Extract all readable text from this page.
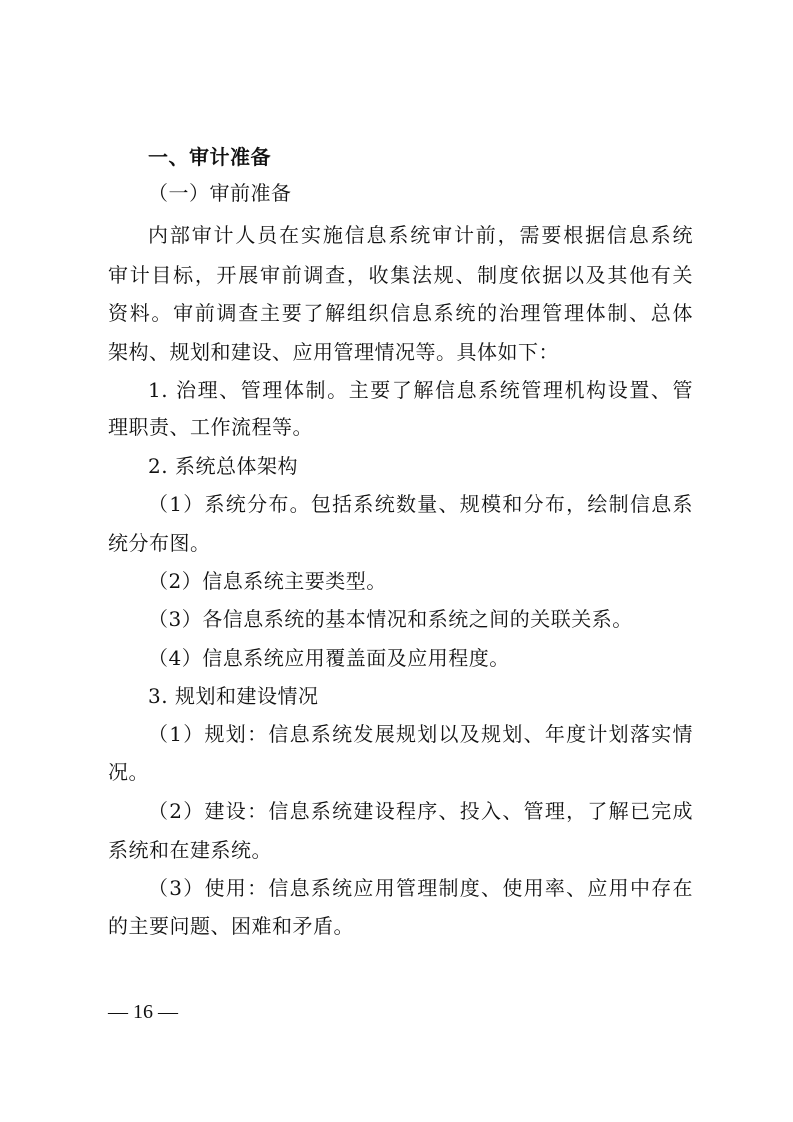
一、审计准备
（一）审前准备
内部审计人员在实施信息系统审计前，需要根据信息系统
审计目标，开展审前调查，收集法规、制度依据以及其他有关
资料。审前调查主要了解组织信息系统的治理管理体制、总体
架构、规划和建设、应用管理情况等。具体如下：
1. 治理、管理体制。主要了解信息系统管理机构设置、管
理职责、工作流程等。
2. 系统总体架构
（1）系统分布。包括系统数量、规模和分布，绘制信息系
统分布图。
（2）信息系统主要类型。
（3）各信息系统的基本情况和系统之间的关联关系。
（4）信息系统应用覆盖面及应用程度。
3. 规划和建设情况
（1）规划：信息系统发展规划以及规划、年度计划落实情
况。
（2）建设：信息系统建设程序、投入、管理，了解已完成
系统和在建系统。
（3）使用：信息系统应用管理制度、使用率、应用中存在
的主要问题、困难和矛盾。
— 16 —
